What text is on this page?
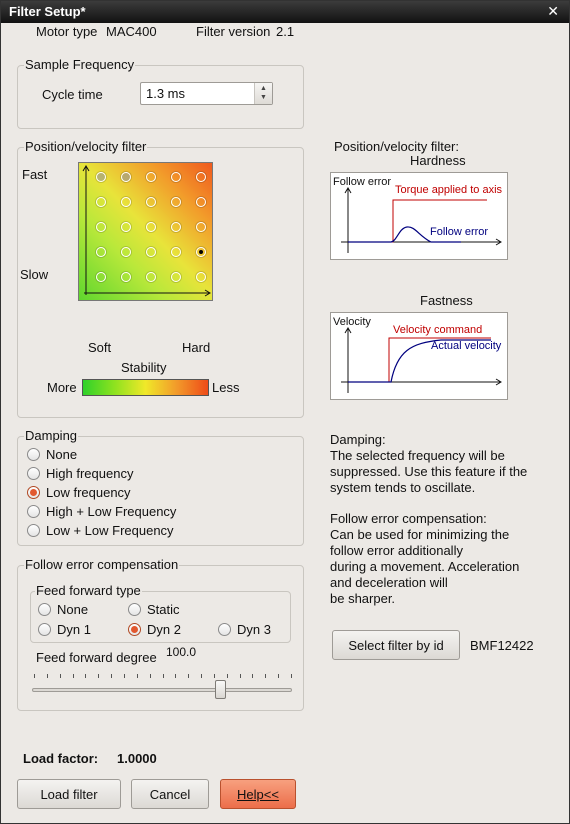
Filter Setup*	✕
Motor type MAC400	Filter version 2.1
Sample Frequency
Cycle time	1.3 ms	▲
▼
Position/velocity filter
Fast
Slow
Soft	Hard
Stability
More	Less
Damping
None
High frequency
Low frequency
High + Low Frequency
Low + Low Frequency
Follow error compensation
Feed forward type
None	Static
Dyn 1	Dyn 2	Dyn 3
Feed forward degree 100.0
Position/velocity filter:
Hardness
Follow error
Torque applied to axis
Follow error
Fastness
Velocity
Velocity command
Actual velocity
Damping:
The selected frequency will be
suppressed. Use this feature if the
system tends to oscillate.
Follow error compensation:
Can be used for minimizing the
follow error additionally
during a movement. Acceleration
and deceleration will
be sharper.
Select filter by id BMF12422
Load factor: 1.0000
Load filter	Cancel	Help<<
